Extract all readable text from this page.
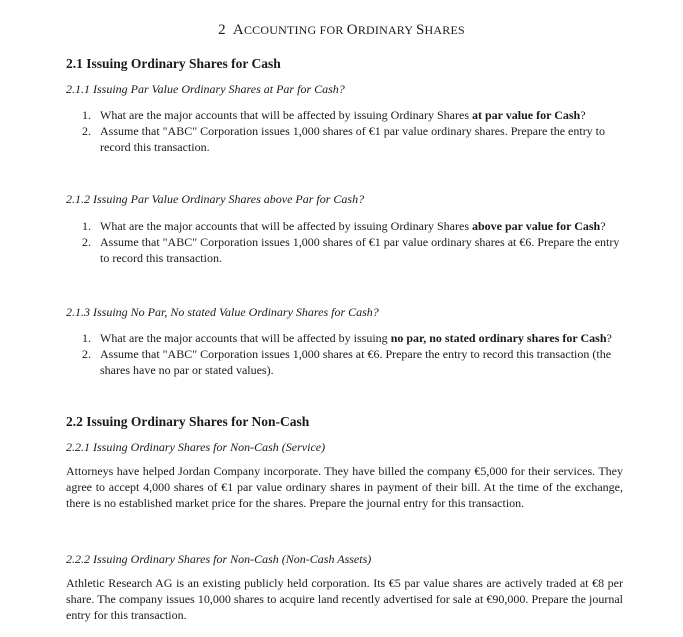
2 ACCOUNTING FOR ORDINARY SHARES
2.1 Issuing Ordinary Shares for Cash
2.1.1 Issuing Par Value Ordinary Shares at Par for Cash?
1. What are the major accounts that will be affected by issuing Ordinary Shares at par value for Cash?
2. Assume that "ABC" Corporation issues 1,000 shares of €1 par value ordinary shares. Prepare the entry to record this transaction.
2.1.2 Issuing Par Value Ordinary Shares above Par for Cash?
1. What are the major accounts that will be affected by issuing Ordinary Shares above par value for Cash?
2. Assume that "ABC" Corporation issues 1,000 shares of €1 par value ordinary shares at €6. Prepare the entry to record this transaction.
2.1.3 Issuing No Par, No stated Value Ordinary Shares for Cash?
1. What are the major accounts that will be affected by issuing no par, no stated ordinary shares for Cash?
2. Assume that "ABC" Corporation issues 1,000 shares at €6. Prepare the entry to record this transaction (the shares have no par or stated values).
2.2 Issuing Ordinary Shares for Non-Cash
2.2.1 Issuing Ordinary Shares for Non-Cash (Service)

Attorneys have helped Jordan Company incorporate. They have billed the company €5,000 for their services. They agree to accept 4,000 shares of €1 par value ordinary shares in payment of their bill. At the time of the exchange, there is no established market price for the shares. Prepare the journal entry for this transaction.

2.2.2 Issuing Ordinary Shares for Non-Cash (Non-Cash Assets)

Athletic Research AG is an existing publicly held corporation. Its €5 par value shares are actively traded at €8 per share. The company issues 10,000 shares to acquire land recently advertised for sale at €90,000. Prepare the journal entry for this transaction.
